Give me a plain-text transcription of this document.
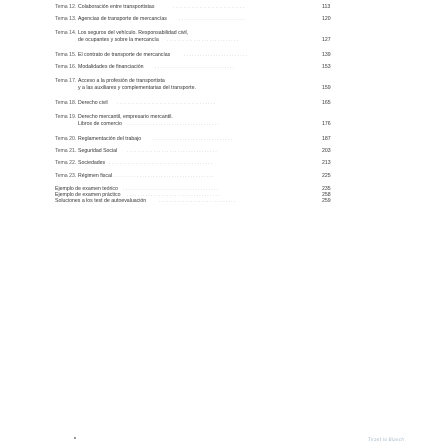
Tema 12. Colaboración entre transportistas	...........................	113
Tema 13. Agencias de transporte de mercancías	.........................	120
Tema 14. Los seguros del vehículo. Responsabilidad civil,
de ocupantes y sobre la mercancía ...........................	127
Tema 15. El contrato de transporte de mercancías	........................	139
Tema 16. Modalidades de financiación	..............................	153
Tema 17. Acceso a la profesión de transportista
y a las auxiliares y complementarias del transporte.	159
Tema 18. Derecho civil .....................................	165
Tema 19. Derecho mercantil, empresario mercantil.
Libros de comercio ..................................	176
Tema 20. Reglamentación del trabajo	..............................	187
Tema 21. Seguridad Social ..................................	203
Tema 22. Sociedades .......................................	213
Tema 23. Régimen fiscal ......................................	225
Ejemplo de examen teórico ....................................	235
Ejemplo de examen práctico ...................................	258
Soluciones a los test de autoevaluación	.............................	259
Tirant lo Blanch
